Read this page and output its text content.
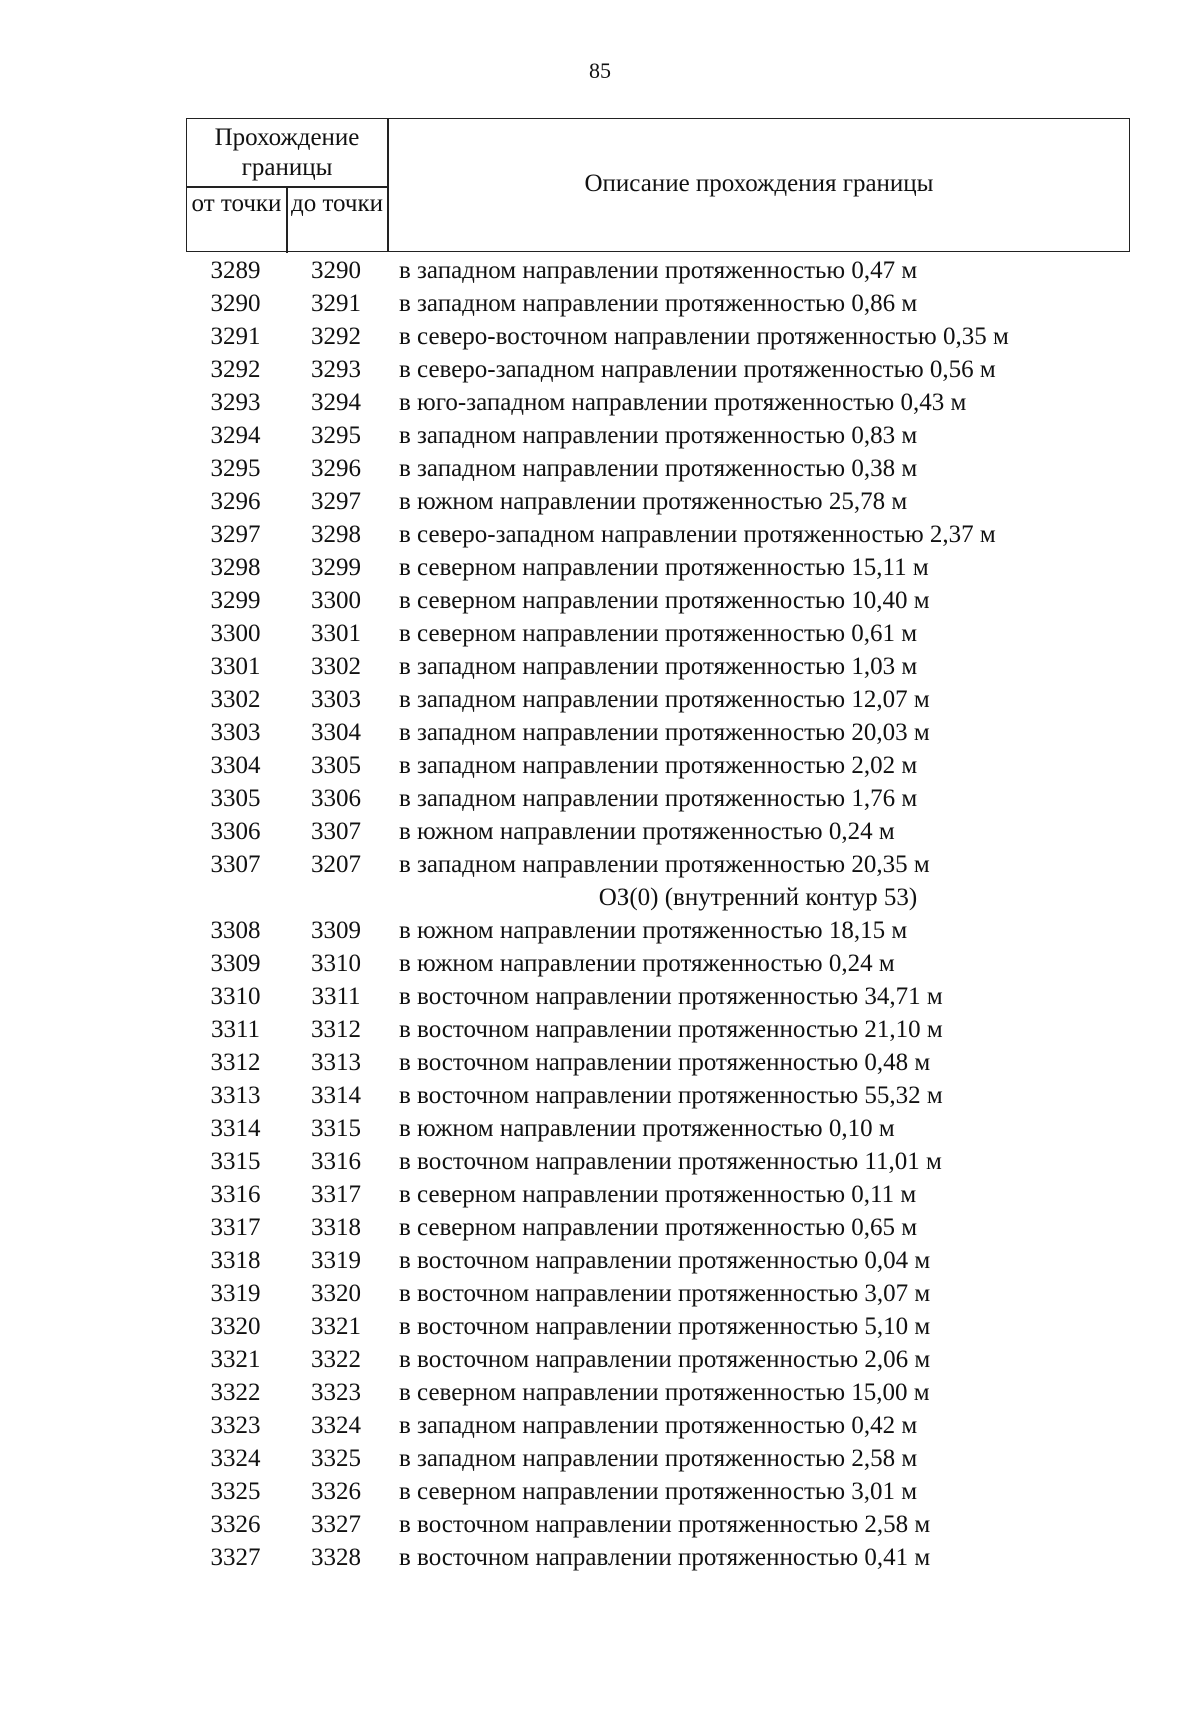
85
Прохождение границы
от точки до точки
Описание прохождения границы
3289	3290	в западном направлении протяженностью 0,47 м
3290	3291	в западном направлении протяженностью 0,86 м
3291	3292	в северо-восточном направлении протяженностью 0,35 м
3292	3293	в северо-западном направлении протяженностью 0,56 м
3293	3294	в юго-западном направлении протяженностью 0,43 м
3294	3295	в западном направлении протяженностью 0,83 м
3295	3296	в западном направлении протяженностью 0,38 м
3296	3297	в южном направлении протяженностью 25,78 м
3297	3298	в северо-западном направлении протяженностью 2,37 м
3298	3299	в северном направлении протяженностью 15,11 м
3299	3300	в северном направлении протяженностью 10,40 м
3300	3301	в северном направлении протяженностью 0,61 м
3301	3302	в западном направлении протяженностью 1,03 м
3302	3303	в западном направлении протяженностью 12,07 м
3303	3304	в западном направлении протяженностью 20,03 м
3304	3305	в западном направлении протяженностью 2,02 м
3305	3306	в западном направлении протяженностью 1,76 м
3306	3307	в южном направлении протяженностью 0,24 м
3307	3207	в западном направлении протяженностью 20,35 м
ОЗ(0) (внутренний контур 53)
3308	3309	в южном направлении протяженностью 18,15 м
3309	3310	в южном направлении протяженностью 0,24 м
3310	3311	в восточном направлении протяженностью 34,71 м
3311	3312	в восточном направлении протяженностью 21,10 м
3312	3313	в восточном направлении протяженностью 0,48 м
3313	3314	в восточном направлении протяженностью 55,32 м
3314	3315	в южном направлении протяженностью 0,10 м
3315	3316	в восточном направлении протяженностью 11,01 м
3316	3317	в северном направлении протяженностью 0,11 м
3317	3318	в северном направлении протяженностью 0,65 м
3318	3319	в восточном направлении протяженностью 0,04 м
3319	3320	в восточном направлении протяженностью 3,07 м
3320	3321	в восточном направлении протяженностью 5,10 м
3321	3322	в восточном направлении протяженностью 2,06 м
3322	3323	в северном направлении протяженностью 15,00 м
3323	3324	в западном направлении протяженностью 0,42 м
3324	3325	в западном направлении протяженностью 2,58 м
3325	3326	в северном направлении протяженностью 3,01 м
3326	3327	в восточном направлении протяженностью 2,58 м
3327	3328	в восточном направлении протяженностью 0,41 м
